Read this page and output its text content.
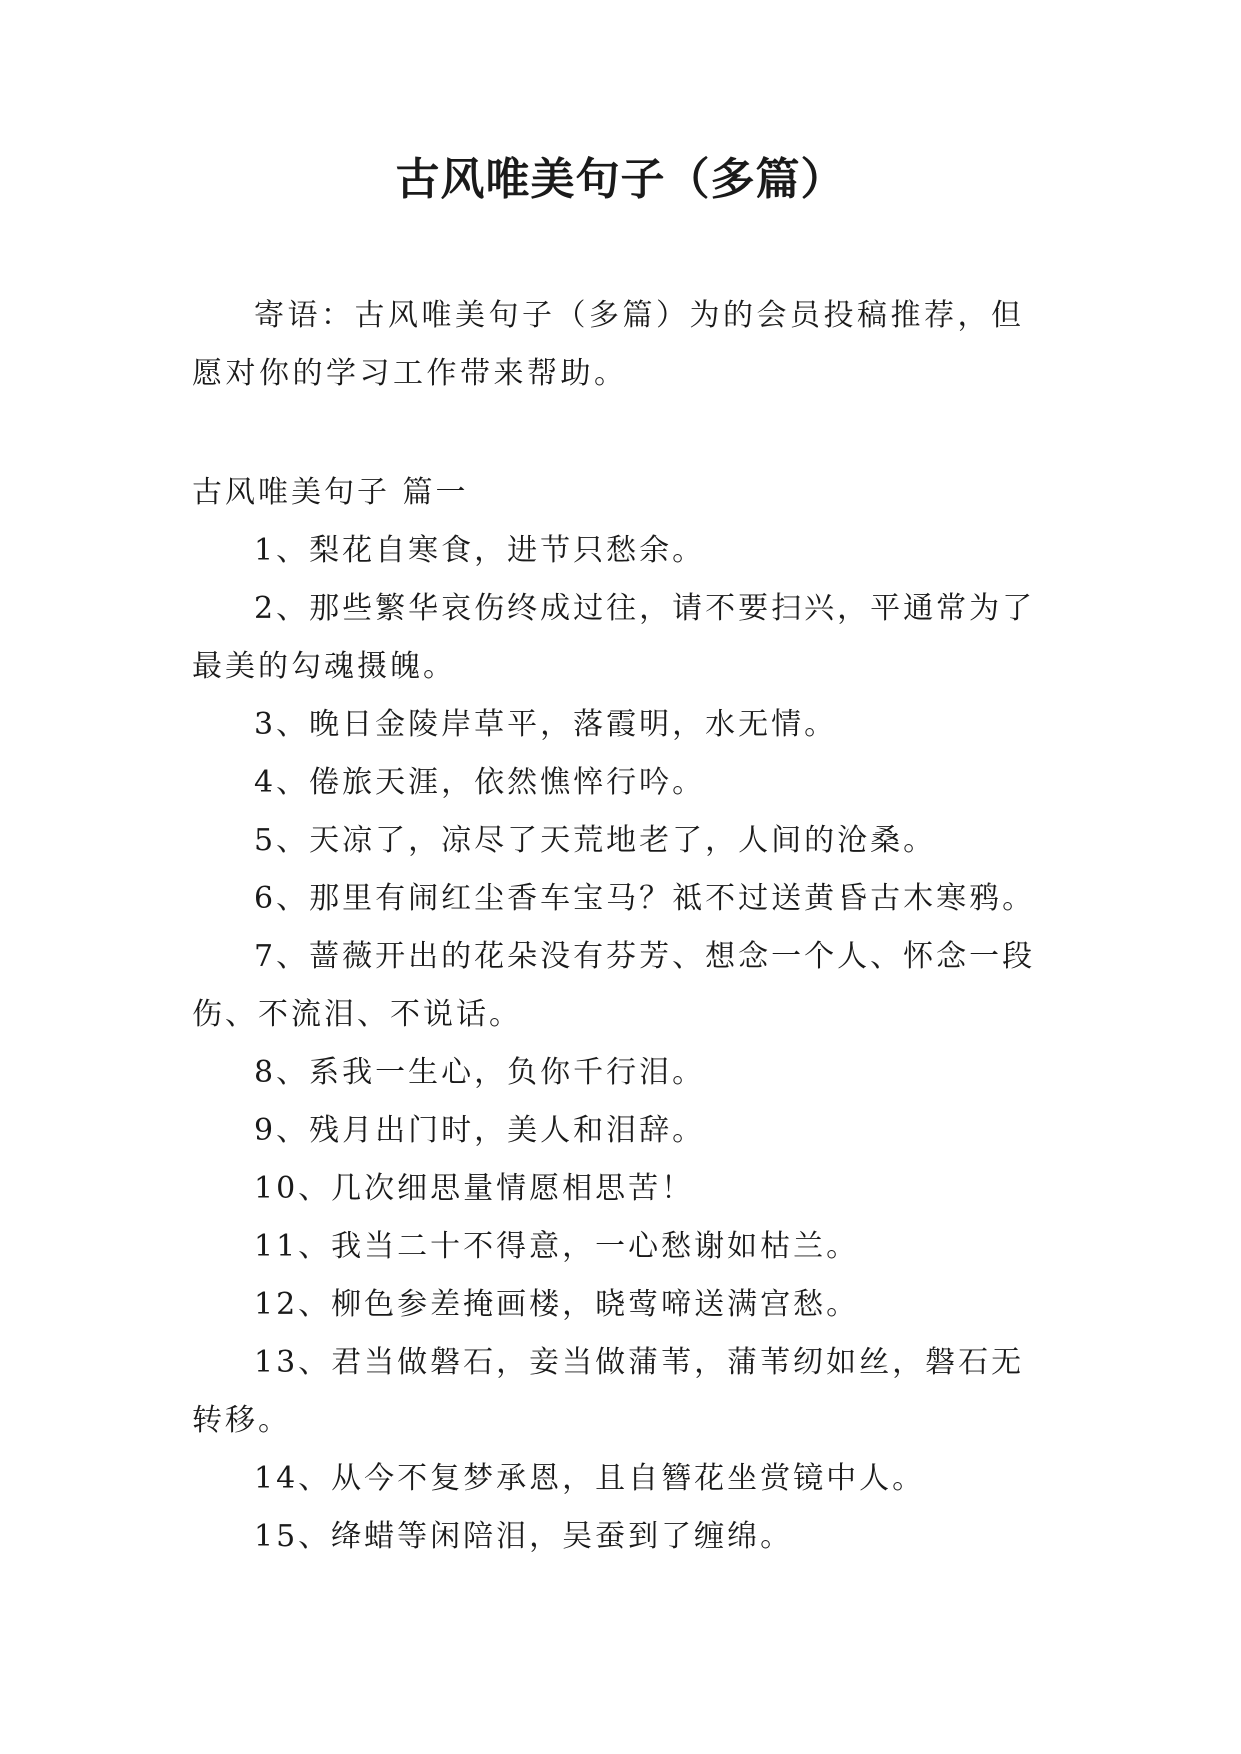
古风唯美句子（多篇）
寄语：古风唯美句子（多篇）为的会员投稿推荐，但愿对你的学习工作带来帮助。
古风唯美句子 篇一

1、梨花自寒食，进节只愁余。

2、那些繁华哀伤终成过往，请不要扫兴，平通常为了最美的勾魂摄魄。

3、晚日金陵岸草平，落霞明，水无情。

4、倦旅天涯，依然憔悴行吟。

5、天凉了，凉尽了天荒地老了，人间的沧桑。

6、那里有闹红尘香车宝马？祗不过送黄昏古木寒鸦。

7、蔷薇开出的花朵没有芬芳、想念一个人、怀念一段伤、不流泪、不说话。

8、系我一生心，负你千行泪。

9、残月出门时，美人和泪辞。

10、几次细思量情愿相思苦！

11、我当二十不得意，一心愁谢如枯兰。

12、柳色参差掩画楼，晓莺啼送满宫愁。

13、君当做磐石，妾当做蒲苇，蒲苇纫如丝，磐石无转移。

14、从今不复梦承恩，且自簪花坐赏镜中人。

15、绛蜡等闲陪泪，吴蚕到了缠绵。
